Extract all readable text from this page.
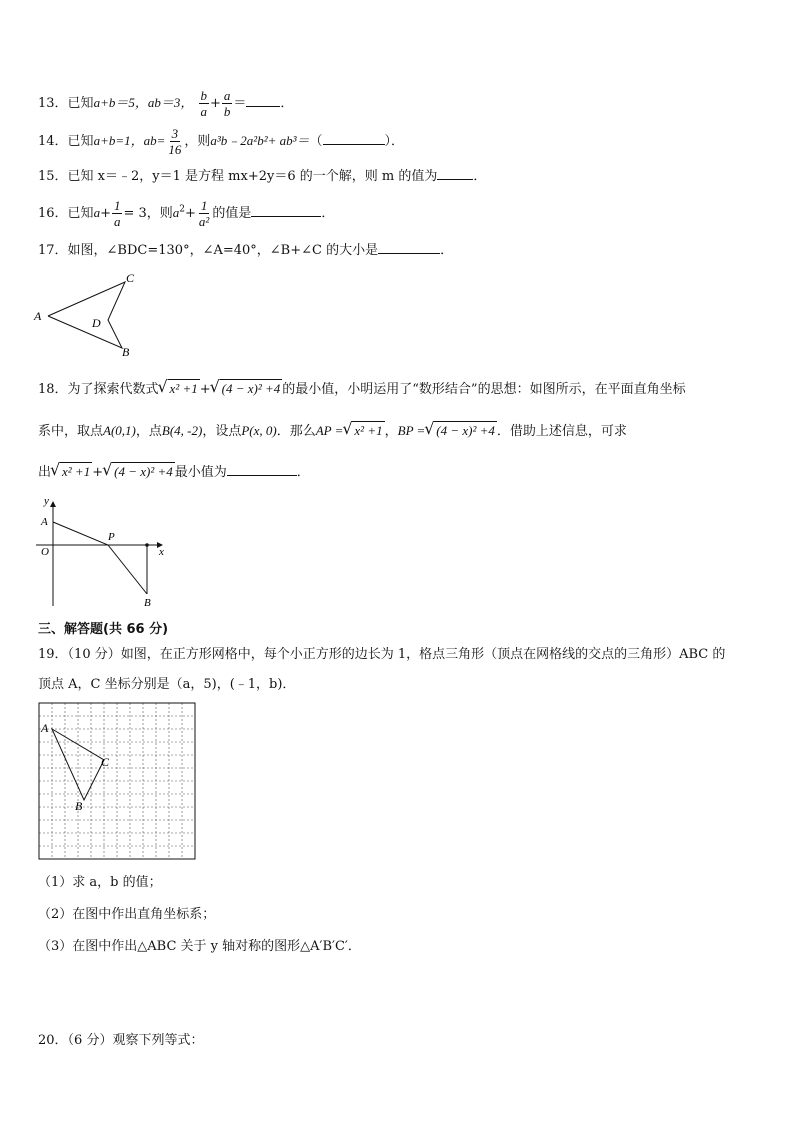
13．已知a+b＝5，ab＝3， $\frac{b}{a} + \frac{a}{b}$ ＝	．
14．已知a+b=1，$ab= \frac{3}{16}$ ，则a³b﹣2a²b²+ ab³＝（	）．
15．已知 x＝﹣2，y＝1 是方程 mx+2y＝6 的一个解，则 m 的值为	．
16．已知$a+ \frac{1}{a} = 3$，则$a^2+ \frac{1}{\text{a²}}$ 的值是	．
17．如图，∠BDC=130°，∠A=40°，∠B+∠C 的大小是	．
A
C
D
B
18．为了探索代数式 √ x² +1 + √ (4 − x)² +4 的最小值，小明运用了“数形结合”的思想：如图所示，在平面直角坐标
系中，取点A(0,1)，点B(4, -2)，设点P(x, 0)．那么AP = √ x² +1 ，BP = √ (4 − x)² +4 ．借助上述信息，可求
出 √ x² +1 + √ (4 − x)² +4 最小值为	．
y
A
O
P
x
B
三、解答题(共 66 分)
19．（10 分）如图，在正方形网格中，每个小正方形的边长为 1，格点三角形（顶点在网格线的交点的三角形）ABC 的
顶点 A，C 坐标分别是（a，5)，(﹣1，b)．
A
C
B
（1）求 a，b 的值；
（2）在图中作出直角坐标系；
（3）在图中作出△ABC 关于 y 轴对称的图形△A′B′C′．
20．（6 分）观察下列等式：
